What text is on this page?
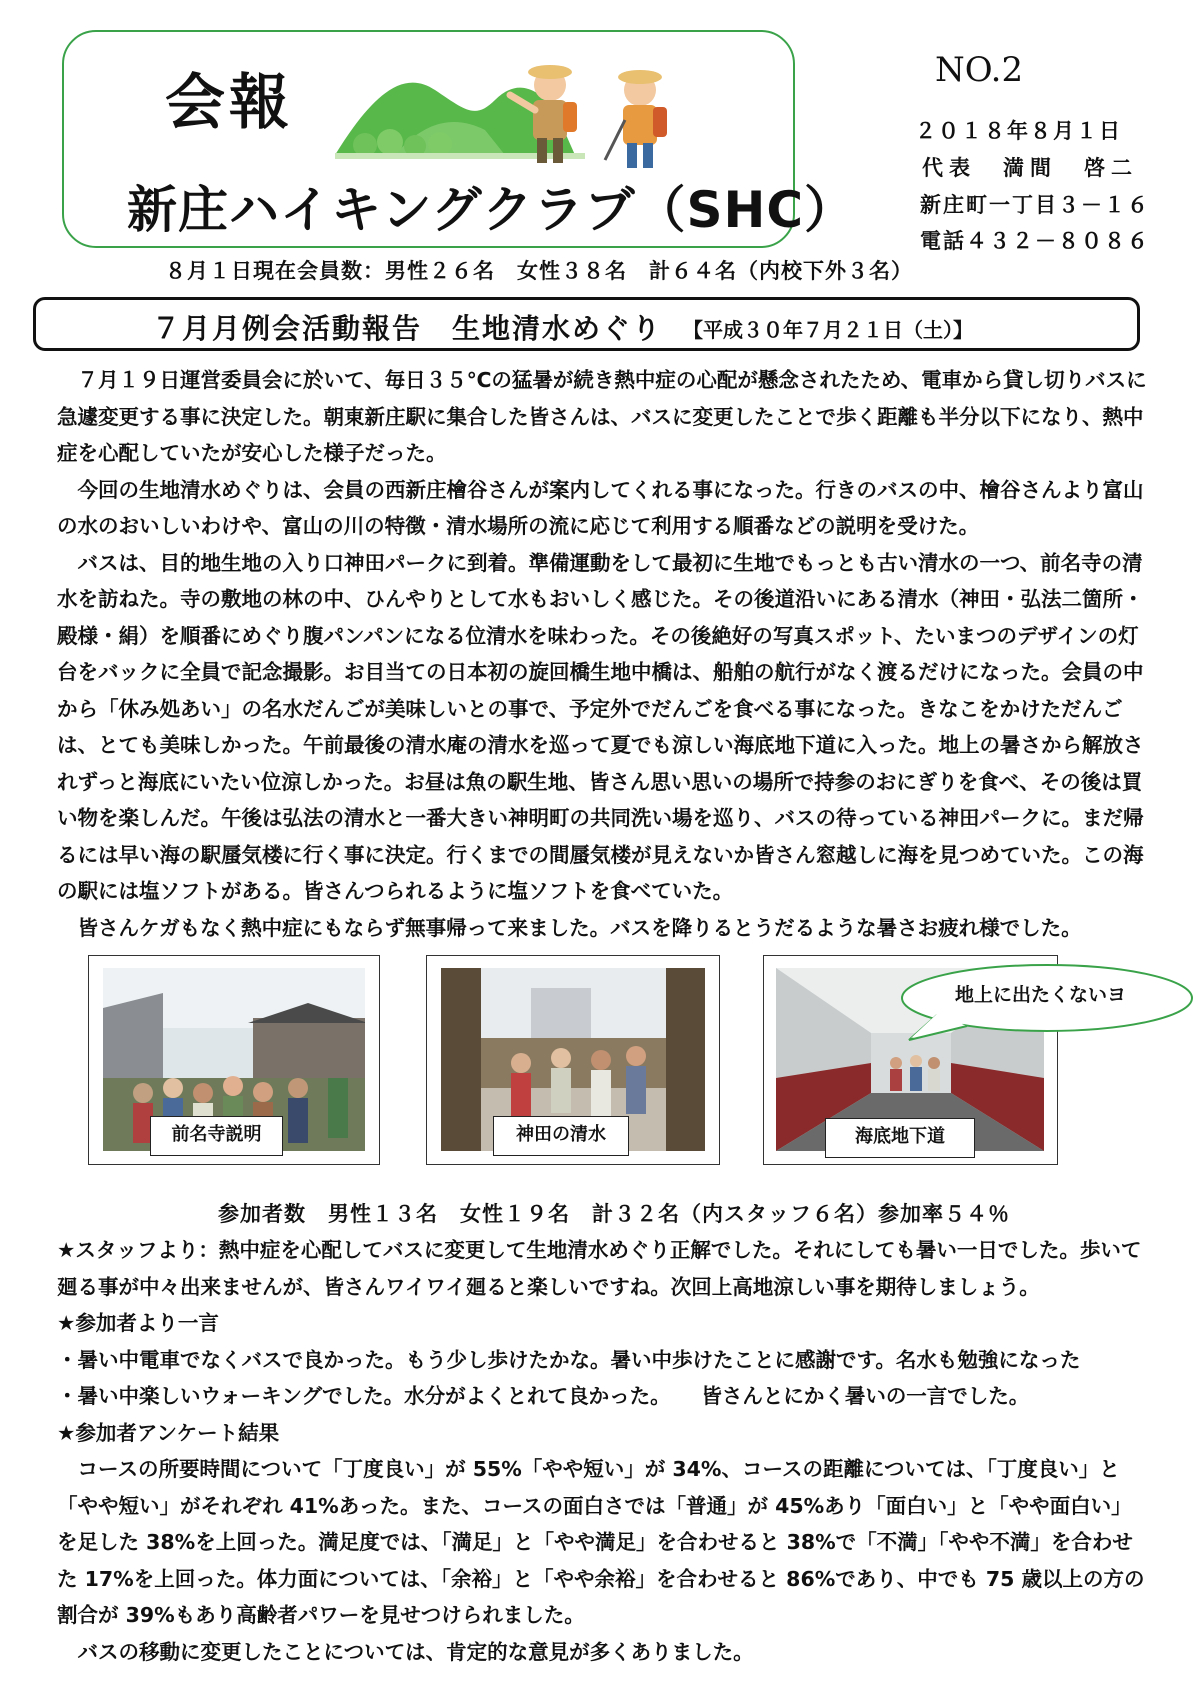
会報
新庄ハイキングクラブ（SHC）
NO.2
２０１８年８月１日
代表　満間　啓二
新庄町一丁目３－１６
電話４３２－８０８６
８月１日現在会員数：男性２６名　女性３８名　計６４名（内校下外３名）
７月月例会活動報告　生地清水めぐり 【平成３０年７月２１日（土）】

７月１９日運営委員会に於いて、毎日３５℃の猛暑が続き熱中症の心配が懸念されたため、電車から貸し切りバスに急遽変更する事に決定した。朝東新庄駅に集合した皆さんは、バスに変更したことで歩く距離も半分以下になり、熱中症を心配していたが安心した様子だった。

今回の生地清水めぐりは、会員の西新庄檜谷さんが案内してくれる事になった。行きのバスの中、檜谷さんより富山の水のおいしいわけや、富山の川の特徴・清水場所の流に応じて利用する順番などの説明を受けた。

バスは、目的地生地の入り口神田パークに到着。準備運動をして最初に生地でもっとも古い清水の一つ、前名寺の清水を訪ねた。寺の敷地の林の中、ひんやりとして水もおいしく感じた。その後道沿いにある清水（神田・弘法二箇所・殿様・絹）を順番にめぐり腹パンパンになる位清水を味わった。その後絶好の写真スポット、たいまつのデザインの灯台をバックに全員で記念撮影。お目当ての日本初の旋回橋生地中橋は、船舶の航行がなく渡るだけになった。会員の中から「休み処あい」の名水だんごが美味しいとの事で、予定外でだんごを食べる事になった。きなこをかけただんごは、とても美味しかった。午前最後の清水庵の清水を巡って夏でも涼しい海底地下道に入った。地上の暑さから解放されずっと海底にいたい位涼しかった。お昼は魚の駅生地、皆さん思い思いの場所で持参のおにぎりを食べ、その後は買い物を楽しんだ。午後は弘法の清水と一番大きい神明町の共同洗い場を巡り、バスの待っている神田パークに。まだ帰るには早い海の駅蜃気楼に行く事に決定。行くまでの間蜃気楼が見えないか皆さん窓越しに海を見つめていた。この海の駅には塩ソフトがある。皆さんつられるように塩ソフトを食べていた。

皆さんケガもなく熱中症にもならず無事帰って来ました。バスを降りるとうだるような暑さお疲れ様でした。

前名寺説明	神田の清水	海底地下道
地上に出たくないヨ
参加者数　男性１３名　女性１９名　計３２名（内スタッフ６名）参加率５４％

★スタッフより：熱中症を心配してバスに変更して生地清水めぐり正解でした。それにしても暑い一日でした。歩いて廻る事が中々出来ませんが、皆さんワイワイ廻ると楽しいですね。次回上高地涼しい事を期待しましょう。

★参加者より一言

・暑い中電車でなくバスで良かった。もう少し歩けたかな。暑い中歩けたことに感謝です。名水も勉強になった

・暑い中楽しいウォーキングでした。水分がよくとれて良かった。　　皆さんとにかく暑いの一言でした。

★参加者アンケート結果

コースの所要時間について「丁度良い」が 55%「やや短い」が 34%、コースの距離については、「丁度良い」と「やや短い」がそれぞれ 41%あった。また、コースの面白さでは「普通」が 45%あり「面白い」と「やや面白い」を足した 38%を上回った。満足度では、「満足」と「やや満足」を合わせると 38%で「不満」「やや不満」を合わせた 17%を上回った。体力面については、「余裕」と「やや余裕」を合わせると 86%であり、中でも 75 歳以上の方の割合が 39%もあり高齢者パワーを見せつけられました。

バスの移動に変更したことについては、肯定的な意見が多くありました。
